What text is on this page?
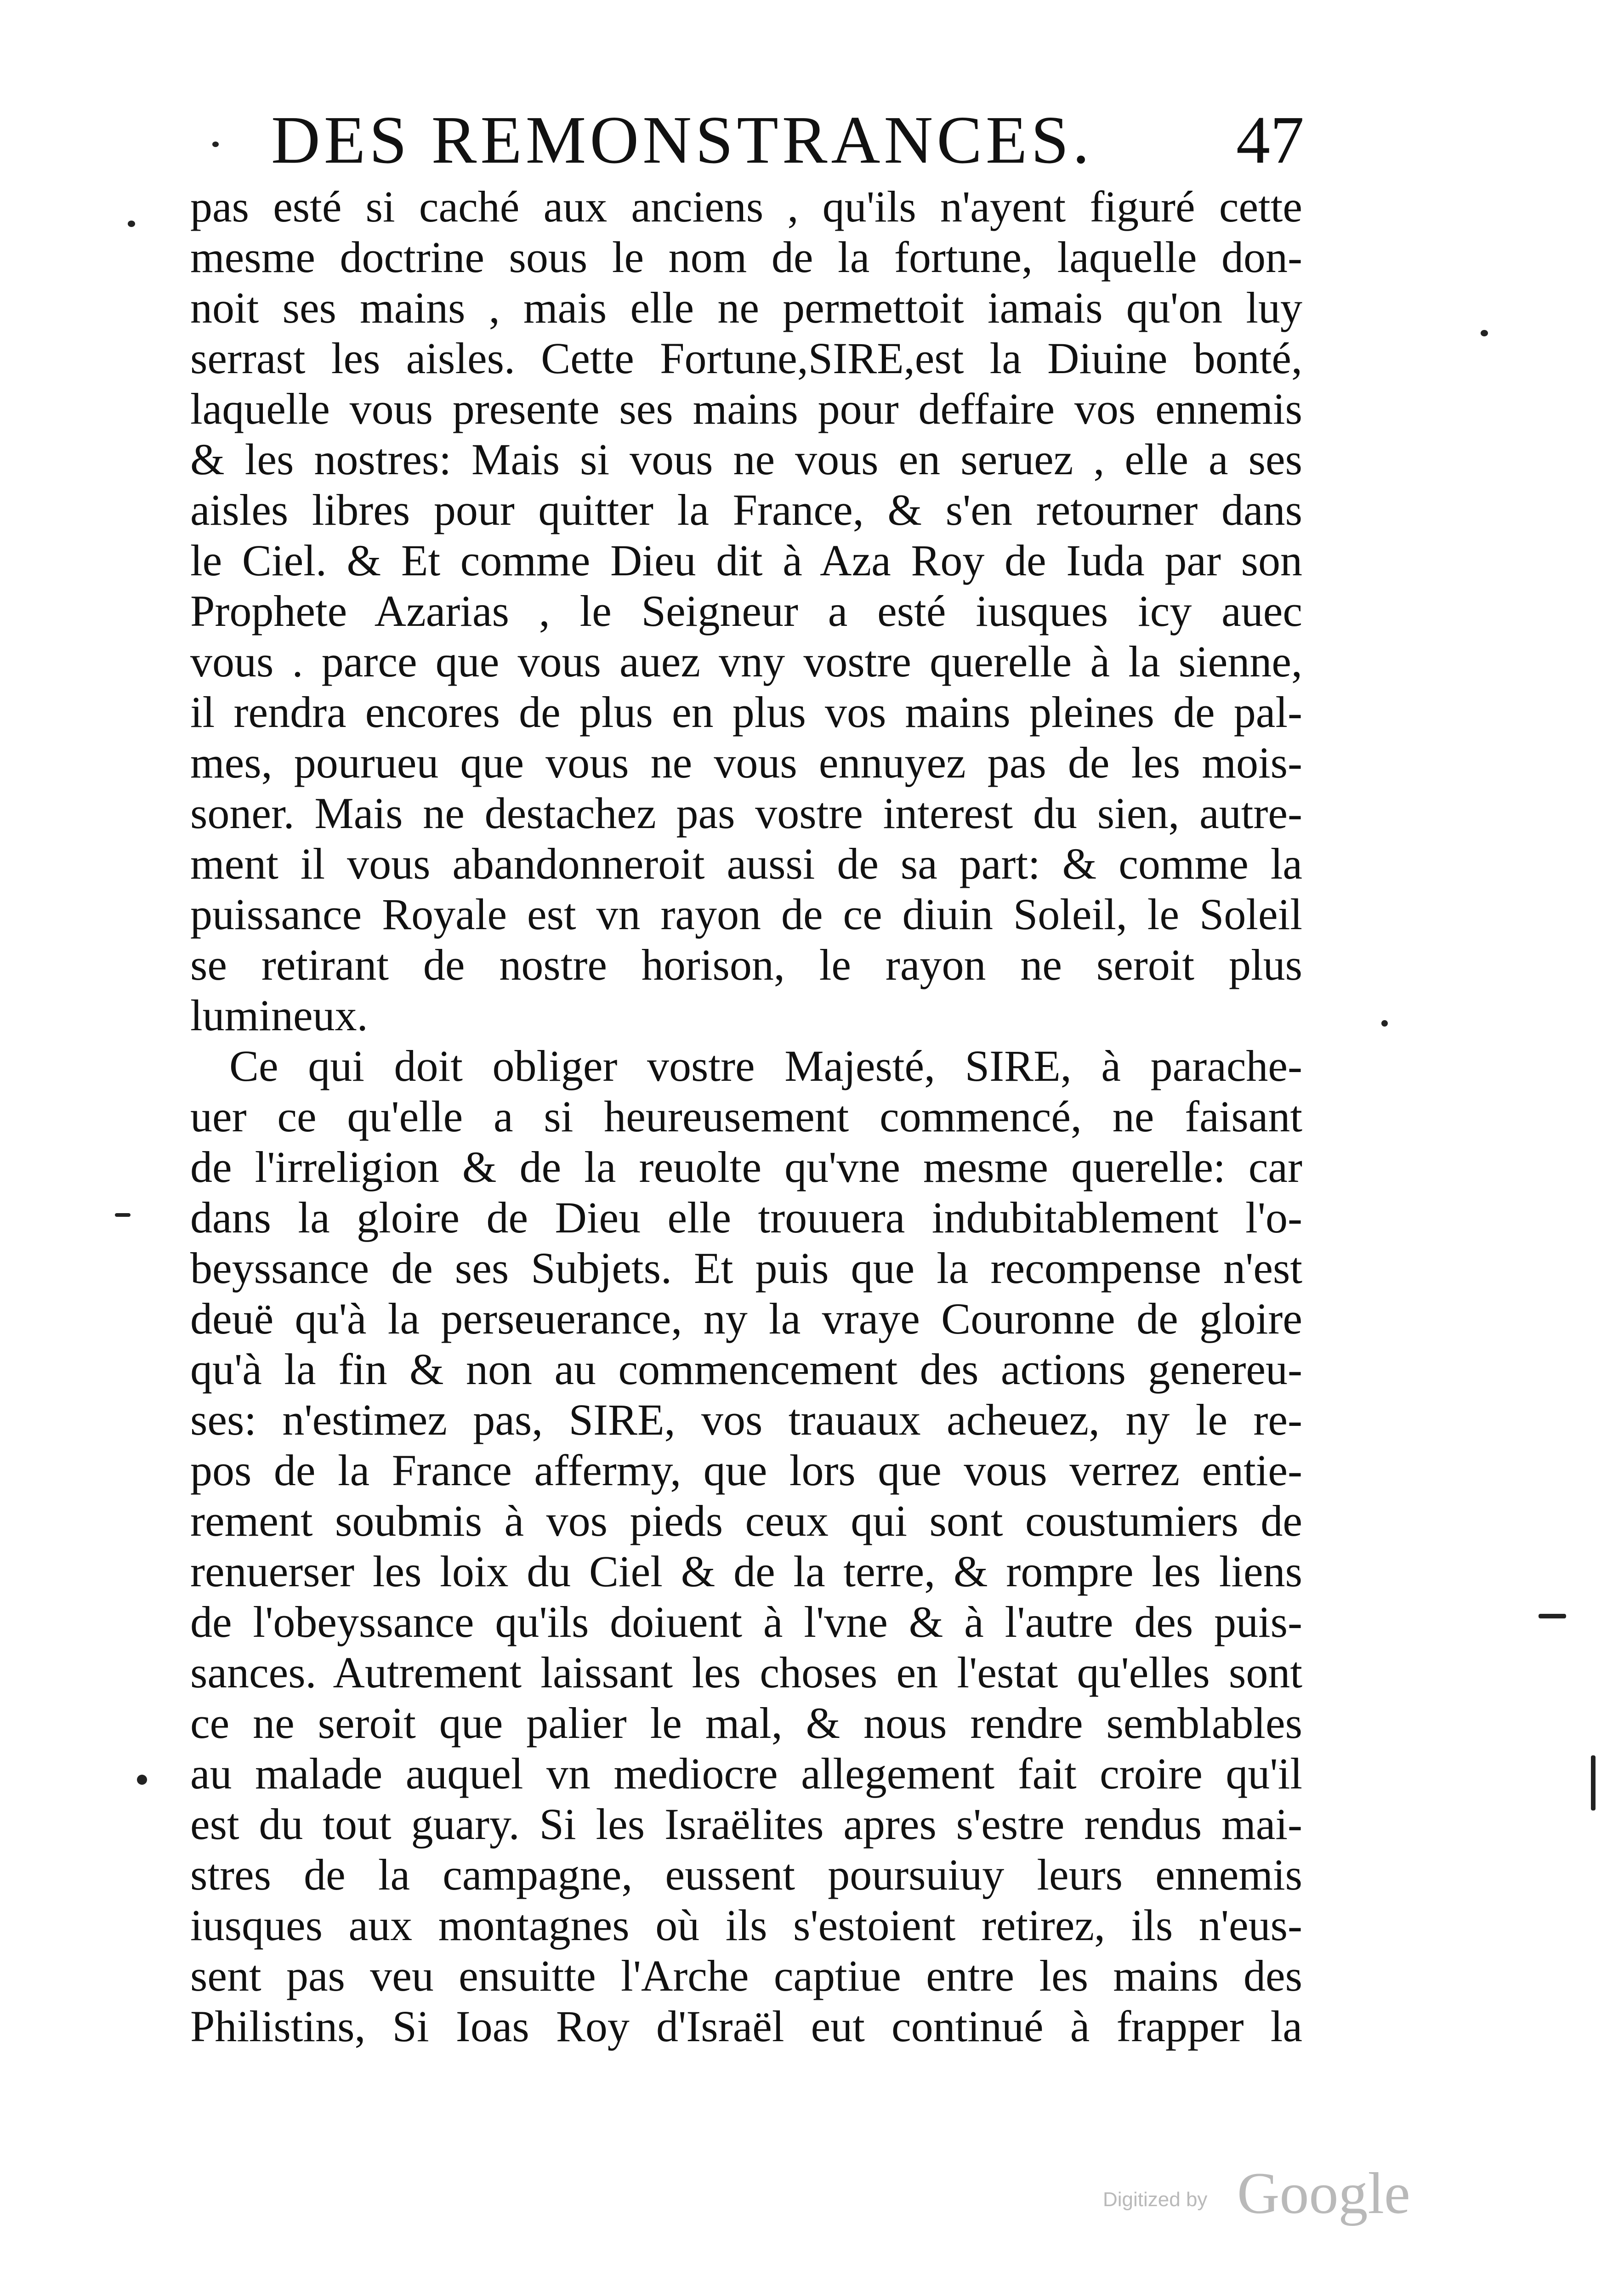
DES REMONSTRANCES. 47
pas esté si caché aux anciens , qu'ils n'ayent figuré cette
mesme doctrine sous le nom de la fortune, laquelle don-
noit ses mains , mais elle ne permettoit iamais qu'on luy
serrast les aisles. Cette Fortune,SIRE,est la Diuine bonté,
laquelle vous presente ses mains pour deffaire vos ennemis
& les nostres: Mais si vous ne vous en seruez , elle a ses
aisles libres pour quitter la France, & s'en retourner dans
le Ciel. & Et comme Dieu dit à Aza Roy de Iuda par son
Prophete Azarias , le Seigneur a esté iusques icy auec
vous . parce que vous auez vny vostre querelle à la sienne,
il rendra encores de plus en plus vos mains pleines de pal-
mes, pourueu que vous ne vous ennuyez pas de les mois-
soner. Mais ne destachez pas vostre interest du sien, autre-
ment il vous abandonneroit aussi de sa part: & comme la
puissance Royale est vn rayon de ce diuin Soleil, le Soleil
se retirant de nostre horison, le rayon ne seroit plus
lumineux.
Ce qui doit obliger vostre Majesté, SIRE, à parache-
uer ce qu'elle a si heureusement commencé, ne faisant
de l'irreligion & de la reuolte qu'vne mesme querelle: car
dans la gloire de Dieu elle trouuera indubitablement l'o-
beyssance de ses Subjets. Et puis que la recompense n'est
deuë qu'à la perseuerance, ny la vraye Couronne de gloire
qu'à la fin & non au commencement des actions genereu-
ses: n'estimez pas, SIRE, vos trauaux acheuez, ny le re-
pos de la France affermy, que lors que vous verrez entie-
rement soubmis à vos pieds ceux qui sont coustumiers de
renuerser les loix du Ciel & de la terre, & rompre les liens
de l'obeyssance qu'ils doiuent à l'vne & à l'autre des puis-
sances. Autrement laissant les choses en l'estat qu'elles sont
ce ne seroit que palier le mal, & nous rendre semblables
au malade auquel vn mediocre allegement fait croire qu'il
est du tout guary. Si les Israëlites apres s'estre rendus mai-
stres de la campagne, eussent poursuiuy leurs ennemis
iusques aux montagnes où ils s'estoient retirez, ils n'eus-
sent pas veu ensuitte l'Arche captiue entre les mains des
Philistins, Si Ioas Roy d'Israël eut continué à frapper la
Digitized by Google
